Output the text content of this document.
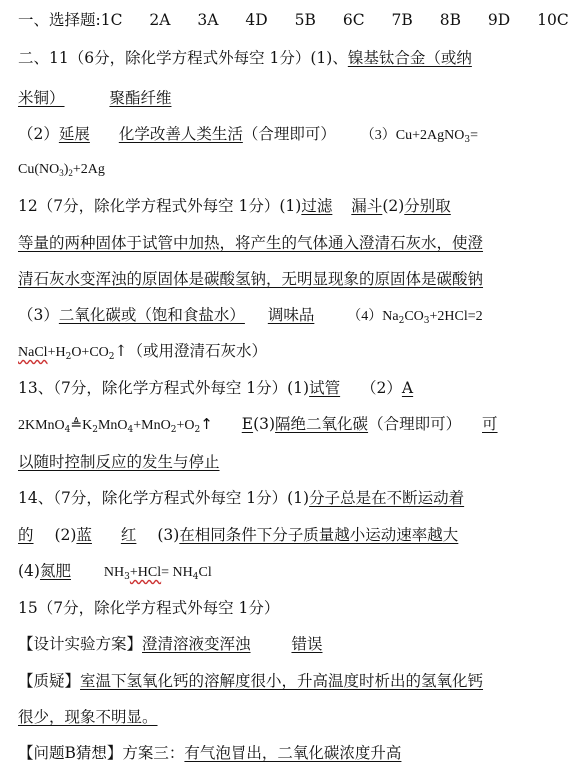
一、选择题:1C 2A 3A 4D 5B 6C 7B 8B 9D 10C
二、11（6分，除化学方程式外每空 1分）(1)、镍基钛合金（或纳
米铜）	聚酯纤维
（2）延展 化学改善人类生活（合理即可） （3）Cu+2AgNO$_3$=
$Cu(NO_3)_2+2Ag$
12（7分，除化学方程式外每空 1分）(1)过滤 漏斗(2)分别取
等量的两种固体于试管中加热，将产生的气体通入澄清石灰水，使澄
清石灰水变浑浊的原固体是碳酸氢钠，无明显现象的原固体是碳酸钠
（3）二氧化碳或（饱和食盐水） 调味品 $(4)Na_2CO_3+2HCl=2$
$NaCl+H_2O+CO_2↑$（或用澄清石灰水）
13、（7分，除化学方程式外每空 1分）(1)试管 （2）A
$2KMnO_4≜K_2MnO_4+MnO_2+O_2↑$ E(3)隔绝二氧化碳（合理即可） 可
以随时控制反应的发生与停止
14、（7分，除化学方程式外每空 1分）(1)分子总是在不断运动着
的 (2)蓝 红 (3)在相同条件下分子质量越小运动速率越大
(4)氮肥 $NH_3+HCl= NH_4Cl$
15（7分，除化学方程式外每空 1分）
【设计实验方案】澄清溶液变浑浊	错误
【质疑】室温下氢氧化钙的溶解度很小，升高温度时析出的氢氧化钙
很少，现象不明显。
【问题B猜想】方案三：有气泡冒出，二氧化碳浓度升高
